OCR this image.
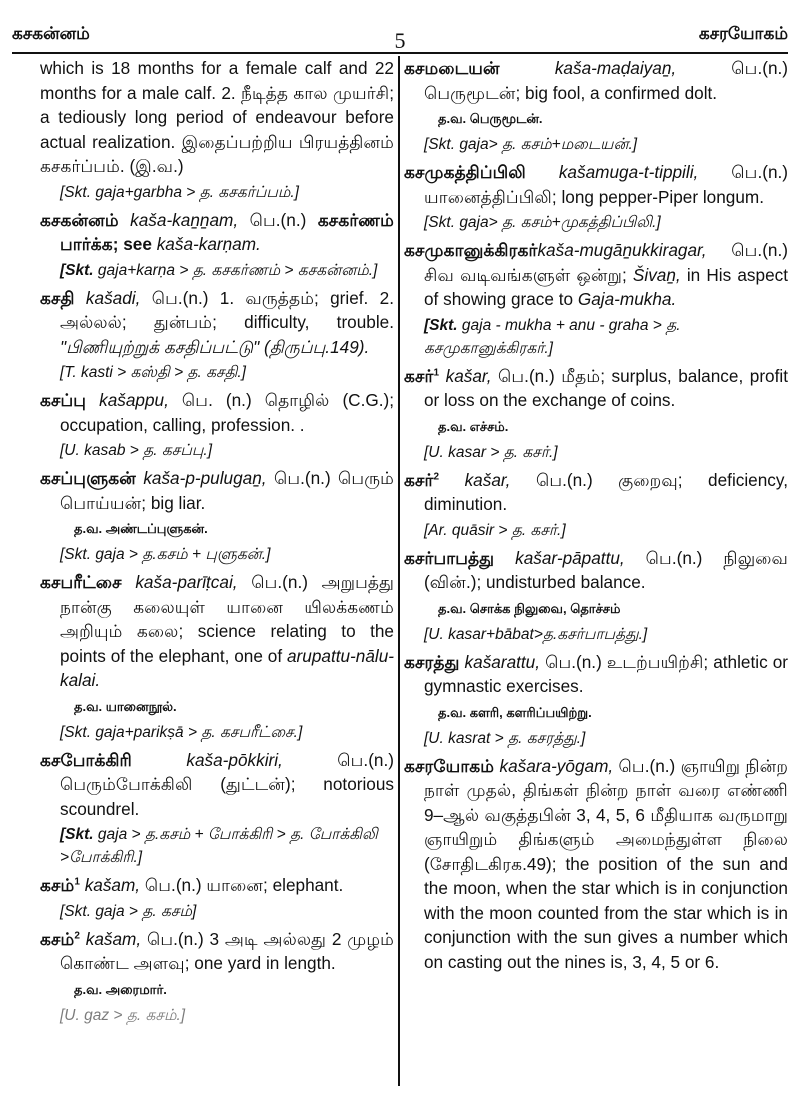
கசகன்னம்	5	கசரயோகம்

which is 18 months for a female calf and 22 months for a male calf. 2. நீடித்த கால முயர்சி; a tediously long period of endeavour before actual realization. இதைப்பற்றிய பிரயத்தினம் கசகர்ப்பம். (இ.வ.)

[Skt. gaja+garbha > த. கசகர்ப்பம்.]

கசகன்னம் kaša-kaṉṉam, பெ.(n.) கசகர்ணம் பார்க்க; see kaša-karṇam.

[Skt. gaja+karṇa > த. கசகர்ணம் > கசகன்னம்.]

கசதி kašadi, பெ.(n.) 1. வருத்தம்; grief. 2. அல்லல்; துன்பம்; difficulty, trouble. "பிணியுற்றுக் கசதிப்பட்டு" (திருப்பு.149).

[T. kasti > கஸ்தி > த. கசதி.]

கசப்பு kašappu, பெ. (n.) தொழில் (C.G.); occupation, calling, profession. .

[U. kasab > த. கசப்பு.]

கசப்புளுகன் kaša-p-pulugaṉ, பெ.(n.) பெரும் பொய்யன்; big liar.

த.வ. அண்டப்புளுகன்.

[Skt. gaja > த.கசம் + புளுகன்.]

கசபரீட்சை kaša-parīṭcai, பெ.(n.) அறுபத்து நான்கு கலையுள் யானை யிலக்கணம் அறியும் கலை; science relating to the points of the elephant, one of arupattu-nālu-kalai.

த.வ. யானைநூல்.

[Skt. gaja+parikṣā > த. கசபரீட்சை.]

கசபோக்கிரி	kaša-pōkkiri,	பெ.(n.) பெரும்போக்கிலி (துட்டன்); notorious scoundrel.

[Skt. gaja > த.கசம் + போக்கிரி > த. போக்கிலி >போக்கிரி.]

கசம்$^1$ kašam, பெ.(n.) யானை; elephant.

[Skt. gaja > த. கசம்]

கசம்$^2$ kašam, பெ.(n.) 3 அடி அல்லது 2 முழம் கொண்ட அளவு; one yard in length.

த.வ. அரைமார்.

[U. gaz > த. கசம்.]

கசமடையன்	kaša-maḍaiyaṉ,	பெ.(n.) பெருமூடன்; big fool, a confirmed dolt.

த.வ. பெருமூடன்.

[Skt. gaja> த. கசம்+மடையன்.]

கசமுகத்திப்பிலி kašamuga-t-tippili, பெ.(n.) யானைத்திப்பிலி; long pepper-Piper longum.

[Skt. gaja> த. கசம்+முகத்திப்பிலி.]

கசமுகானுக்கிரகர்kaša-mugāṉukkiragar, பெ.(n.) சிவ வடிவங்களுள் ஒன்று; Šivaṉ, in His aspect of showing grace to Gaja-mukha.

[Skt. gaja - mukha + anu - graha > த. கசமுகானுக்கிரகர்.]

கசர்$^1$ kašar, பெ.(n.) மீதம்; surplus, balance, profit or loss on the exchange of coins.

த.வ. எச்சம்.

[U. kasar > த. கசர்.]

கசர்$^2$ kašar, பெ.(n.) குறைவு; deficiency, diminution.

[Ar. quāsir > த. கசர்.]

கசர்பாபத்து kašar-pāpattu, பெ.(n.) நிலுவை (வின்.); undisturbed balance.

த.வ. சொக்க நிலுவை, தொச்சம்

[U. kasar+bābat>த.கசர்பாபத்து.]

கசரத்து kašarattu, பெ.(n.) உடற்பயிற்சி; athletic or gymnastic exercises.

த.வ. களரி, களரிப்பயிற்று.

[U. kasrat > த. கசரத்து.]

கசரயோகம் kašara-yōgam, பெ.(n.) ஞாயிறு நின்ற நாள் முதல், திங்கள் நின்ற நாள் வரை எண்ணி 9–ஆல் வகுத்தபின் 3, 4, 5, 6 மீதியாக வருமாறு ஞாயிறும் திங்களும் அமைந்துள்ள நிலை (சோதிடகிரக.49); the position of the sun and the moon, when the star which is in conjunction with the moon counted from the star which is in conjunction with the sun gives a number which on casting out the nines is, 3, 4, 5 or 6.
